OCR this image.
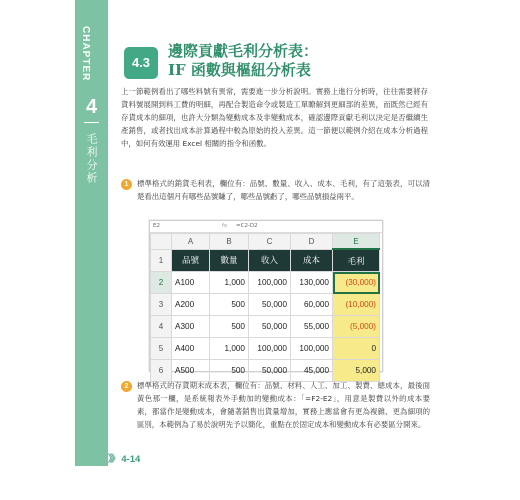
CHAPTER
4
毛利分析
4.3
邊際貢獻毛利分析表：
IF 函數與樞紐分析表
上一節範例看出了哪些料號有異常，需要進一步分析說明。實務上進行分析時，往往需要將存貨料號展開到料工費的明細，再配合製造命令或製造工單瞭解到更細部的差異，而既然已經有存貨成本的細項，也許大分類為變動成本及非變動成本，確認邊際貢獻毛利以決定是否繼續生產銷售，或者找出成本計算過程中較為原始的投入差異。這一節便以範例介紹在成本分析過程中，如何有效運用 Excel 相關的指令和函數。
1	標準格式的銷貨毛利表，欄位有：品號、數量、收入、成本、毛利，有了這張表，可以清楚看出這個月有哪些品號賺了，哪些品號虧了，哪些品號損益兩平。
E2	fx =C2-D2
	A	B	C	D	E
1	品號	數量	收入	成本	毛利
2	A100	1,000	100,000	130,000	(30,000)
3	A200	500	50,000	60,000	(10,000)
4	A300	500	50,000	55,000	(5,000)
5	A400	1,000	100,000	100,000	0
6	A500	500	50,000	45,000	5,000
2	標準格式的存貨期末成本表，欄位有：品號、材料、人工、加工、製費、總成本，最後面黃色那一欄，是系統報表外手動加的變動成本：「=F2-E2」，用意是製費以外的成本要素，都當作是變動成本，會隨著銷售出貨量增加，實務上應當會有更為複雜、更為細項的區別，本範例為了易於說明先予以簡化，重點在於固定成本和變動成本有必要區分開來。
》》 4-14
